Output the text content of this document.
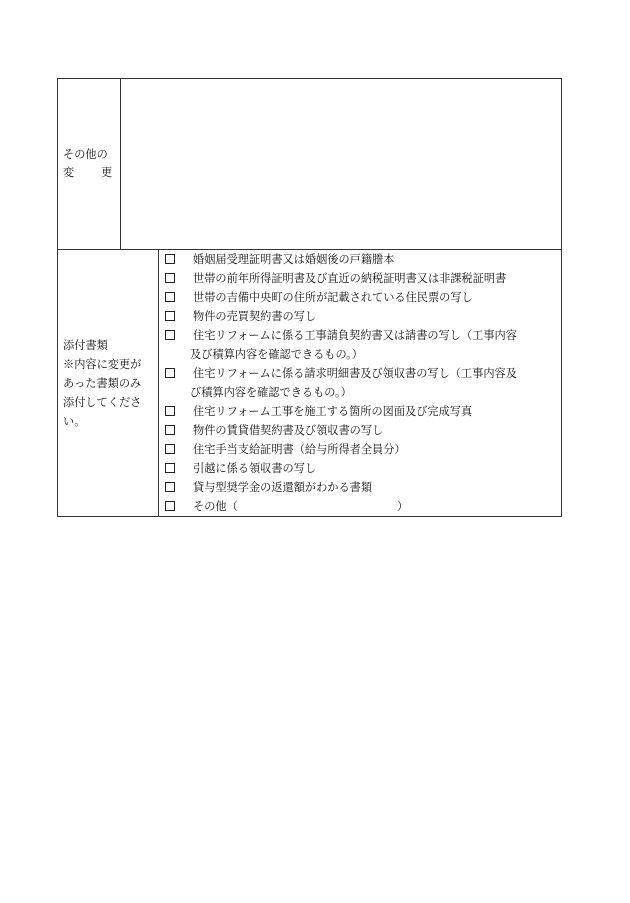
その他の
変 更
添付書類
※内容に変更が
あった書類のみ
添付してくださ
い。
婚姻届受理証明書又は婚姻後の戸籍謄本
世帯の前年所得証明書及び直近の納税証明書又は非課税証明書
世帯の吉備中央町の住所が記載されている住民票の写し
物件の売買契約書の写し
住宅リフォームに係る工事請負契約書又は請書の写し（工事内容
及び積算内容を確認できるもの。）
住宅リフォームに係る請求明細書及び領収書の写し（工事内容及
び積算内容を確認できるもの。）
住宅リフォーム工事を施工する箇所の図面及び完成写真
物件の賃貸借契約書及び領収書の写し
住宅手当支給証明書（給与所得者全員分）
引越に係る領収書の写し
貸与型奨学金の返還額がわかる書類
その他（	）
